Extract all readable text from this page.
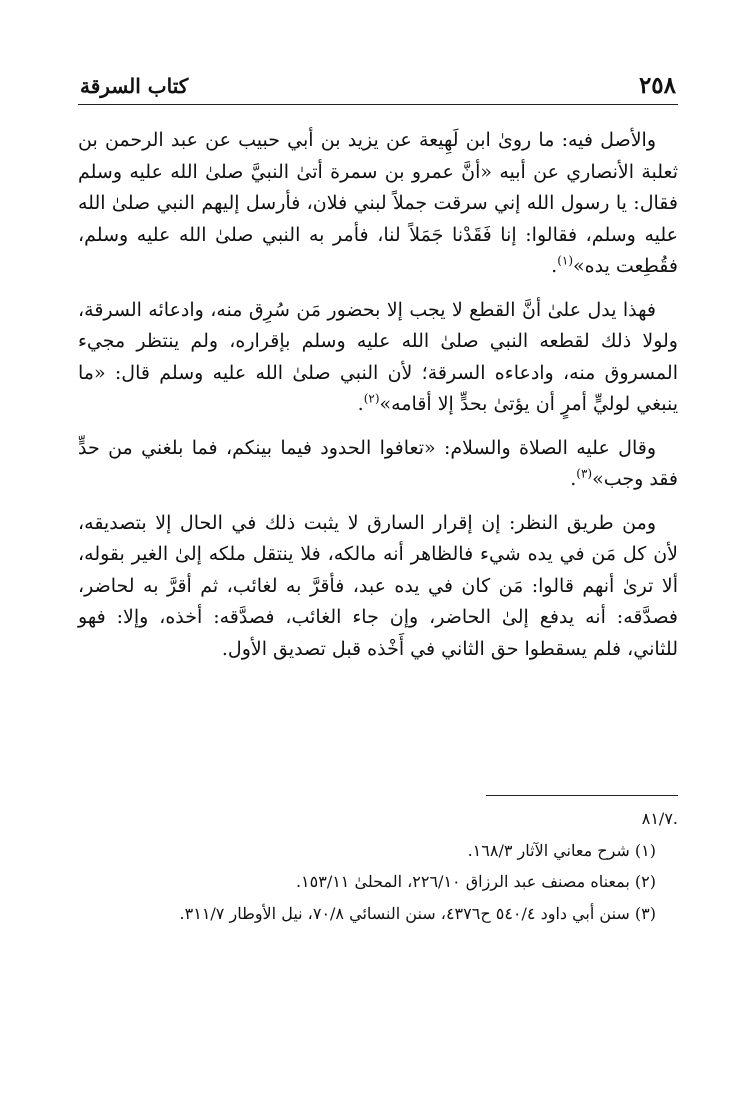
٢٥٨
كتاب السرقة

والأصل فيه: ما رویٰ ابن لَهِيعة عن يزيد بن أبي حبيب عن عبد الرحمن بن ثعلبة الأنصاري عن أبيه «أنَّ عمرو بن سمرة أتىٰ النبيَّ صلىٰ الله عليه وسلم فقال: يا رسول الله إني سرقت جملاً لبني فلان، فأرسل إليهم النبي صلىٰ الله عليه وسلم، فقالوا: إنا فَقَدْنا جَمَلاً لنا، فأمر به النبي صلىٰ الله عليه وسلم، فقُطِعت يده»$^{(١)}$.

فهذا يدل علىٰ أنَّ القطع لا يجب إلا بحضور مَن سُرِق منه، وادعائه السرقة، ولولا ذلك لقطعه النبي صلىٰ الله عليه وسلم بإقراره، ولم ينتظر مجيء المسروق منه، وادعاءه السرقة؛ لأن النبي صلىٰ الله عليه وسلم قال: «ما ينبغي لوليٍّ أمرٍ أن يؤتىٰ بحدٍّ إلا أقامه»$^{(٢)}$.

وقال عليه الصلاة والسلام: «تعافوا الحدود فيما بينكم، فما بلغني من حدٍّ فقد وجب»$^{(٣)}$.

ومن طريق النظر: إن إقرار السارق لا يثبت ذلك في الحال إلا بتصديقه، لأن كل مَن في يده شيء فالظاهر أنه مالكه، فلا ينتقل ملكه إلىٰ الغير بقوله، ألا ترىٰ أنهم قالوا: مَن كان في يده عبد، فأقرَّ به لغائب، ثم أقرَّ به لحاضر، فصدَّقه: أنه يدفع إلىٰ الحاضر، وإن جاء الغائب، فصدَّقه: أخذه، وإلا: فهو للثاني، فلم يسقطوا حق الثاني في أَخْذه قبل تصديق الأول.

.٨١/٧

(١) شرح معاني الآثار ١٦٨/٣.

(٢) بمعناه مصنف عبد الرزاق ٢٢٦/١٠، المحلىٰ ١٥٣/١١.

(٣) سنن أبي داود ٥٤٠/٤ ح٤٣٧٦، سنن النسائي ٧٠/٨، نيل الأوطار ٣١١/٧.
